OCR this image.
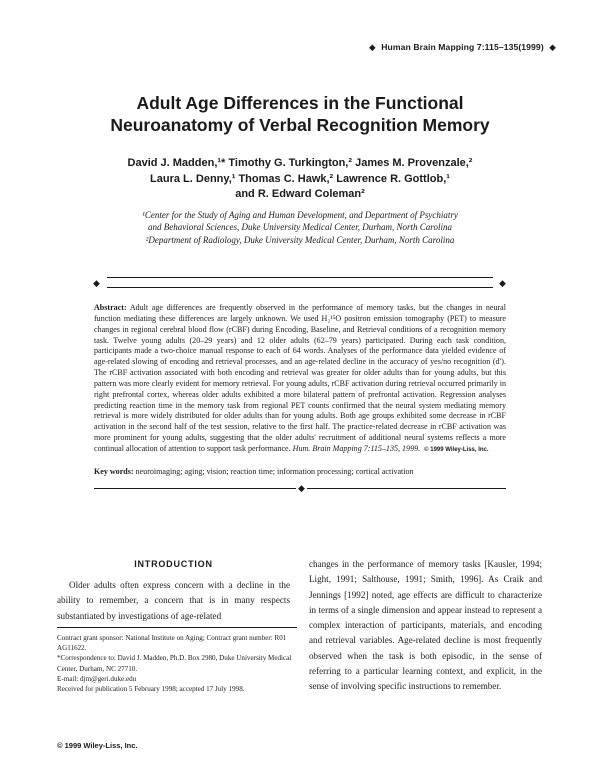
◆ Human Brain Mapping 7:115–135(1999) ◆
Adult Age Differences in the Functional
Neuroanatomy of Verbal Recognition Memory
David J. Madden,¹* Timothy G. Turkington,² James M. Provenzale,²
Laura L. Denny,¹ Thomas C. Hawk,² Lawrence R. Gottlob,¹
and R. Edward Coleman²
¹Center for the Study of Aging and Human Development, and Department of Psychiatry
and Behavioral Sciences, Duke University Medical Center, Durham, North Carolina
²Department of Radiology, Duke University Medical Center, Durham, North Carolina
◆	◆
Abstract: Adult age differences are frequently observed in the performance of memory tasks, but the changes in neural function mediating these differences are largely unknown. We used H₂¹⁵O positron emission tomography (PET) to measure changes in regional cerebral blood flow (rCBF) during Encoding, Baseline, and Retrieval conditions of a recognition memory task. Twelve young adults (20–29 years) and 12 older adults (62–79 years) participated. During each task condition, participants made a two-choice manual response to each of 64 words. Analyses of the performance data yielded evidence of age-related slowing of encoding and retrieval processes, and an age-related decline in the accuracy of yes/no recognition (d′). The rCBF activation associated with both encoding and retrieval was greater for older adults than for young adults, but this pattern was more clearly evident for memory retrieval. For young adults, rCBF activation during retrieval occurred primarily in right prefrontal cortex, whereas older adults exhibited a more bilateral pattern of prefrontal activation. Regression analyses predicting reaction time in the memory task from regional PET counts confirmed that the neural system mediating memory retrieval is more widely distributed for older adults than for young adults. Both age groups exhibited some decrease in rCBF activation in the second half of the test session, relative to the first half. The practice-related decrease in rCBF activation was more prominent for young adults, suggesting that the older adults' recruitment of additional neural systems reflects a more continual allocation of attention to support task performance. Hum. Brain Mapping 7:115–135, 1999. © 1999 Wiley-Liss, Inc.
Key words: neuroimaging; aging; vision; reaction time; information processing; cortical activation
◆
INTRODUCTION
Older adults often express concern with a decline in the ability to remember, a concern that is in many respects substantiated by investigations of age-related

Contract grant sponsor: National Institute on Aging; Contract grant number: R01 AG11622.

*Correspondence to: David J. Madden, Ph.D. Box 2980, Duke University Medical Center, Durham, NC 27710.

E-mail: djm@geri.duke.edu

Received for publication 5 February 1998; accepted 17 July 1998.

changes in the performance of memory tasks [Kausler, 1994; Light, 1991; Salthouse, 1991; Smith, 1996]. As Craik and Jennings [1992] noted, age effects are difficult to characterize in terms of a single dimension and appear instead to represent a complex interaction of participants, materials, and encoding and retrieval variables. Age-related decline is most frequently observed when the task is both episodic, in the sense of referring to a particular learning context, and explicit, in the sense of involving specific instructions to remember.
© 1999 Wiley-Liss, Inc.
